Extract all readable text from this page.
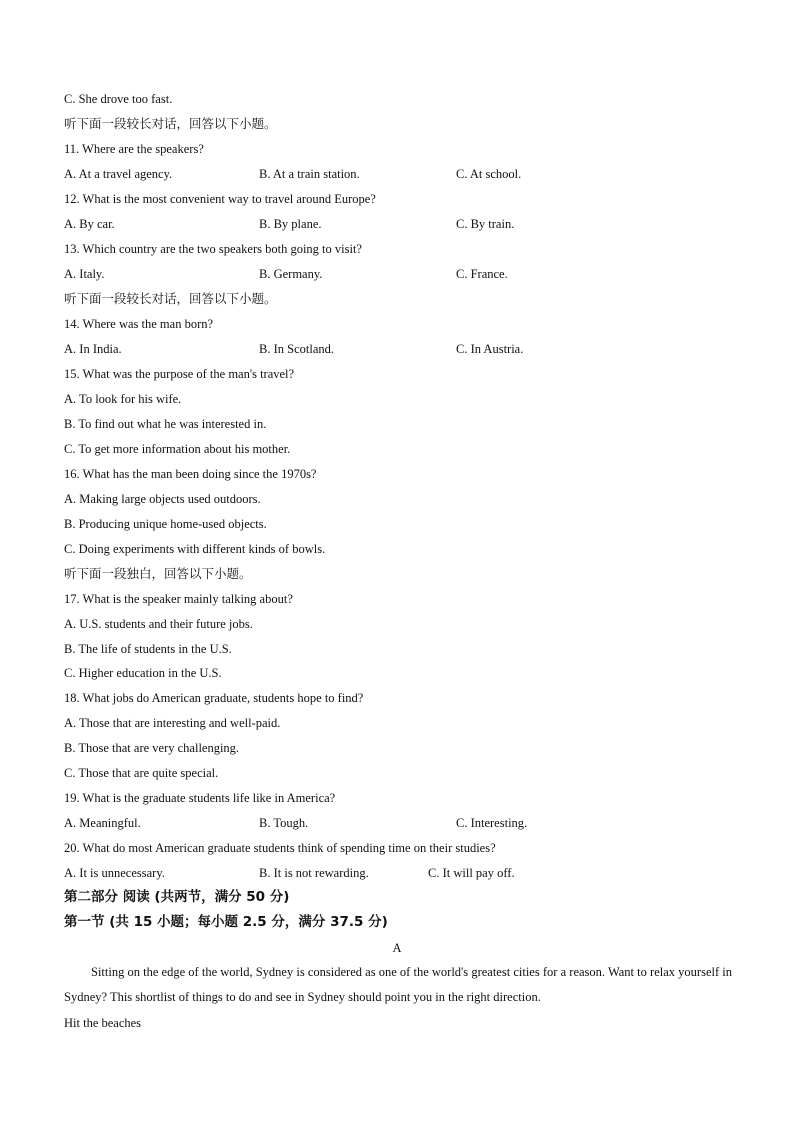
C. She drove too fast.
听下面一段较长对话，回答以下小题。
11. Where are the speakers?
A. At a travel agency.	B. At a train station.	C. At school.
12. What is the most convenient way to travel around Europe?
A. By car.	B. By plane.	C. By train.
13. Which country are the two speakers both going to visit?
A. Italy.	B. Germany.	C. France.
听下面一段较长对话，回答以下小题。
14. Where was the man born?
A. In India.	B. In Scotland.	C. In Austria.
15. What was the purpose of the man's travel?
A. To look for his wife.
B. To find out what he was interested in.
C. To get more information about his mother.
16. What has the man been doing since the 1970s?
A. Making large objects used outdoors.
B. Producing unique home-used objects.
C. Doing experiments with different kinds of bowls.
听下面一段独白，回答以下小题。
17. What is the speaker mainly talking about?
A. U.S. students and their future jobs.
B. The life of students in the U.S.
C. Higher education in the U.S.
18. What jobs do American graduate, students hope to find?
A. Those that are interesting and well-paid.
B. Those that are very challenging.
C. Those that are quite special.
19. What is the graduate students life like in America?
A. Meaningful.	B. Tough.	C. Interesting.
20. What do most American graduate students think of spending time on their studies?
A. It is unnecessary.	B. It is not rewarding.	C. It will pay off.
第二部分 阅读 (共两节，满分 50 分)
第一节 (共 15 小题；每小题 2.5 分，满分 37.5 分)
A
Sitting on the edge of the world, Sydney is considered as one of the world's greatest cities for a reason. Want to relax yourself in Sydney? This shortlist of things to do and see in Sydney should point you in the right direction.
Hit the beaches
